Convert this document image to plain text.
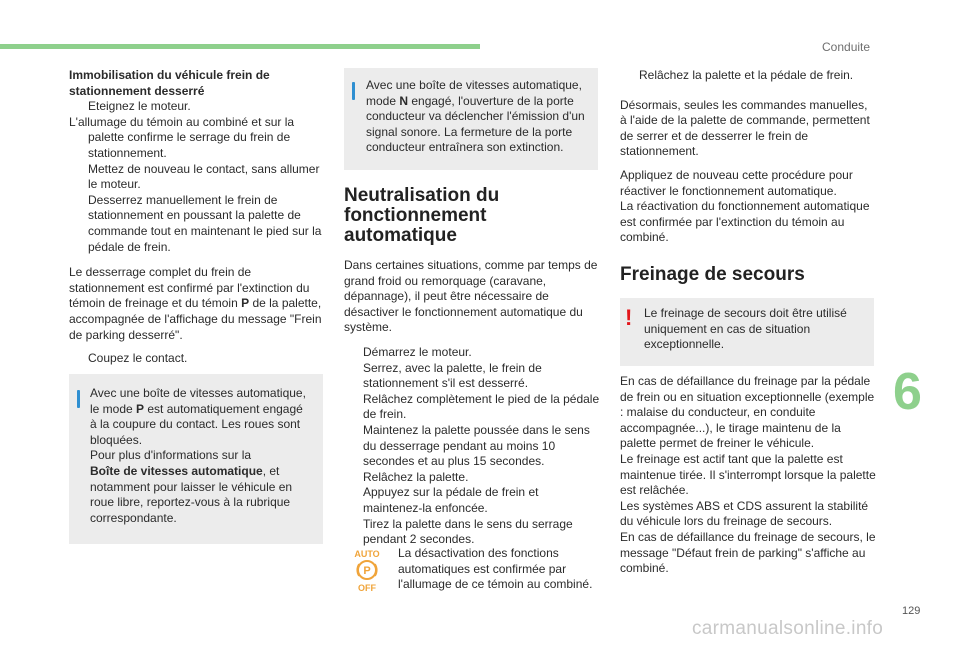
Conduite
Immobilisation du véhicule frein de
stationnement desserré
Eteignez le moteur.
L'allumage du témoin au combiné et sur la palette confirme le serrage du frein de stationnement.
Mettez de nouveau le contact, sans allumer le moteur.
Desserrez manuellement le frein de stationnement en poussant la palette de commande tout en maintenant le pied sur la pédale de frein.

Le desserrage complet du frein de stationnement est confirmé par l'extinction du témoin de freinage et du témoin P de la palette, accompagnée de l'affichage du message "Frein de parking desserré".

Coupez le contact.
Avec une boîte de vitesses automatique, le mode P est automatiquement engagé à la coupure du contact. Les roues sont bloquées.
Pour plus d'informations sur la
Boîte de vitesses automatique, et notamment pour laisser le véhicule en roue libre, reportez-vous à la rubrique correspondante.
Avec une boîte de vitesses automatique, mode N engagé, l'ouverture de la porte conducteur va déclencher l'émission d'un signal sonore. La fermeture de la porte conducteur entraînera son extinction.
Neutralisation du fonctionnement automatique

Dans certaines situations, comme par temps de grand froid ou remorquage (caravane, dépannage), il peut être nécessaire de désactiver le fonctionnement automatique du système.

Démarrez le moteur.
Serrez, avec la palette, le frein de stationnement s'il est desserré.
Relâchez complètement le pied de la pédale de frein.
Maintenez la palette poussée dans le sens du desserrage pendant au moins 10 secondes et au plus 15 secondes.
Relâchez la palette.
Appuyez sur la pédale de frein et maintenez-la enfoncée.
Tirez la palette dans le sens du serrage pendant 2 secondes.
AUTO
P
OFF
La désactivation des fonctions automatiques est confirmée par l'allumage de ce témoin au combiné.
Relâchez la palette et la pédale de frein.

Désormais, seules les commandes manuelles, à l'aide de la palette de commande, permettent de serrer et de desserrer le frein de stationnement.

Appliquez de nouveau cette procédure pour réactiver le fonctionnement automatique.
La réactivation du fonctionnement automatique est confirmée par l'extinction du témoin au combiné.
Freinage de secours
! Le freinage de secours doit être utilisé uniquement en cas de situation exceptionnelle.
En cas de défaillance du freinage par la pédale de frein ou en situation exceptionnelle (exemple : malaise du conducteur, en conduite accompagnée...), le tirage maintenu de la palette permet de freiner le véhicule.
Le freinage est actif tant que la palette est maintenue tirée. Il s'interrompt lorsque la palette est relâchée.
Les systèmes ABS et CDS assurent la stabilité du véhicule lors du freinage de secours.
En cas de défaillance du freinage de secours, le message "Défaut frein de parking" s'affiche au combiné.
6
129
carmanualsonline.info
